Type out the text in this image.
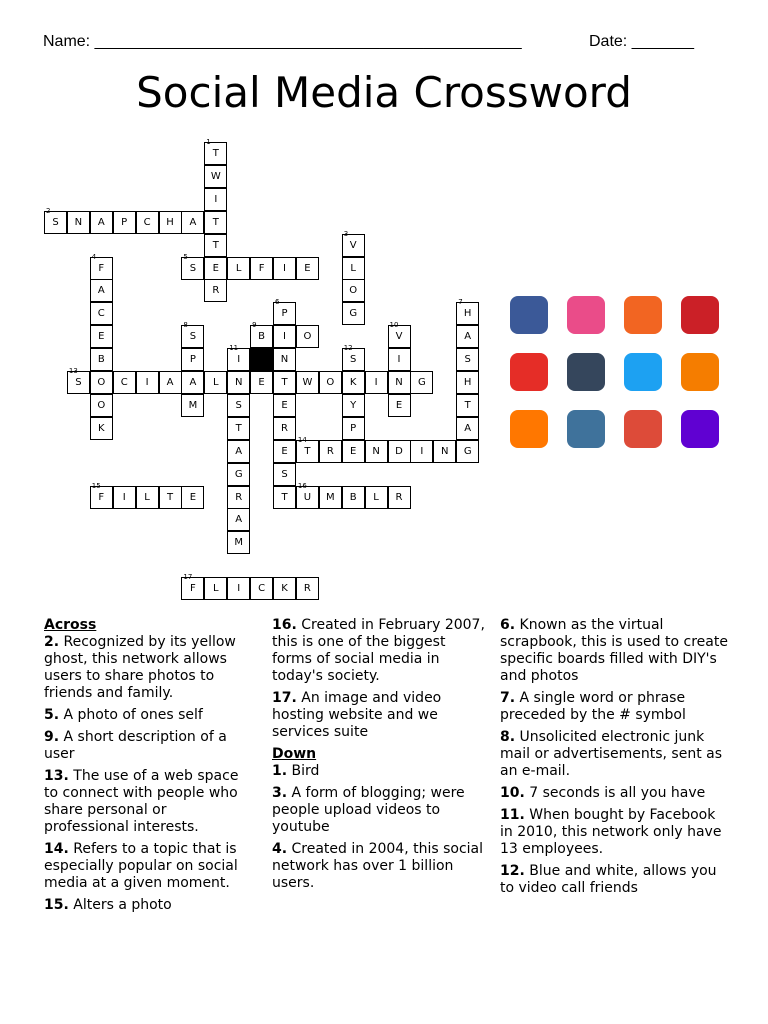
Name: ________________________________________________	Date: _______
Social Media Crossword
1
T
W
I
T
2
S	N	A	P	C	H	A
T
E
R
3
V
L
O
G
5
S	L	F	I	E
4
F
A
C
E
B
O
O
K
6
P
I
N
T
E
R
E
S
T
7
H
A
S
H
T
A
G
8
S
P
A
M
9
B	O
10
V
I
N
E
11
I
N
S
T
A
G
R
A
M
12
S
K
Y
P
E
13
S	C	I	A	L	E	W	O	I	G
14
T	R	N	D	I	N
15
F	I	L	T	E
16
U	M	B	L	R
17
F	L	I	C	K	R
Across
2. Recognized by its yellow ghost, this network allows users to share photos to friends and family.
5. A photo of ones self
9. A short description of a user
13. The use of a web space to connect with people who share personal or professional interests.
14. Refers to a topic that is especially popular on social media at a given moment.
15. Alters a photo
16. Created in February 2007, this is one of the biggest forms of social media in today's society.
17. An image and video hosting website and we services suite
Down
1. Bird
3. A form of blogging; were people upload videos to youtube
4. Created in 2004, this social network has over 1 billion users.
6. Known as the virtual scrapbook, this is used to create specific boards filled with DIY's and photos
7. A single word or phrase preceded by the # symbol
8. Unsolicited electronic junk mail or advertisements, sent as an e-mail.
10. 7 seconds is all you have
11. When bought by Facebook in 2010, this network only have 13 employees.
12. Blue and white, allows you to video call friends
